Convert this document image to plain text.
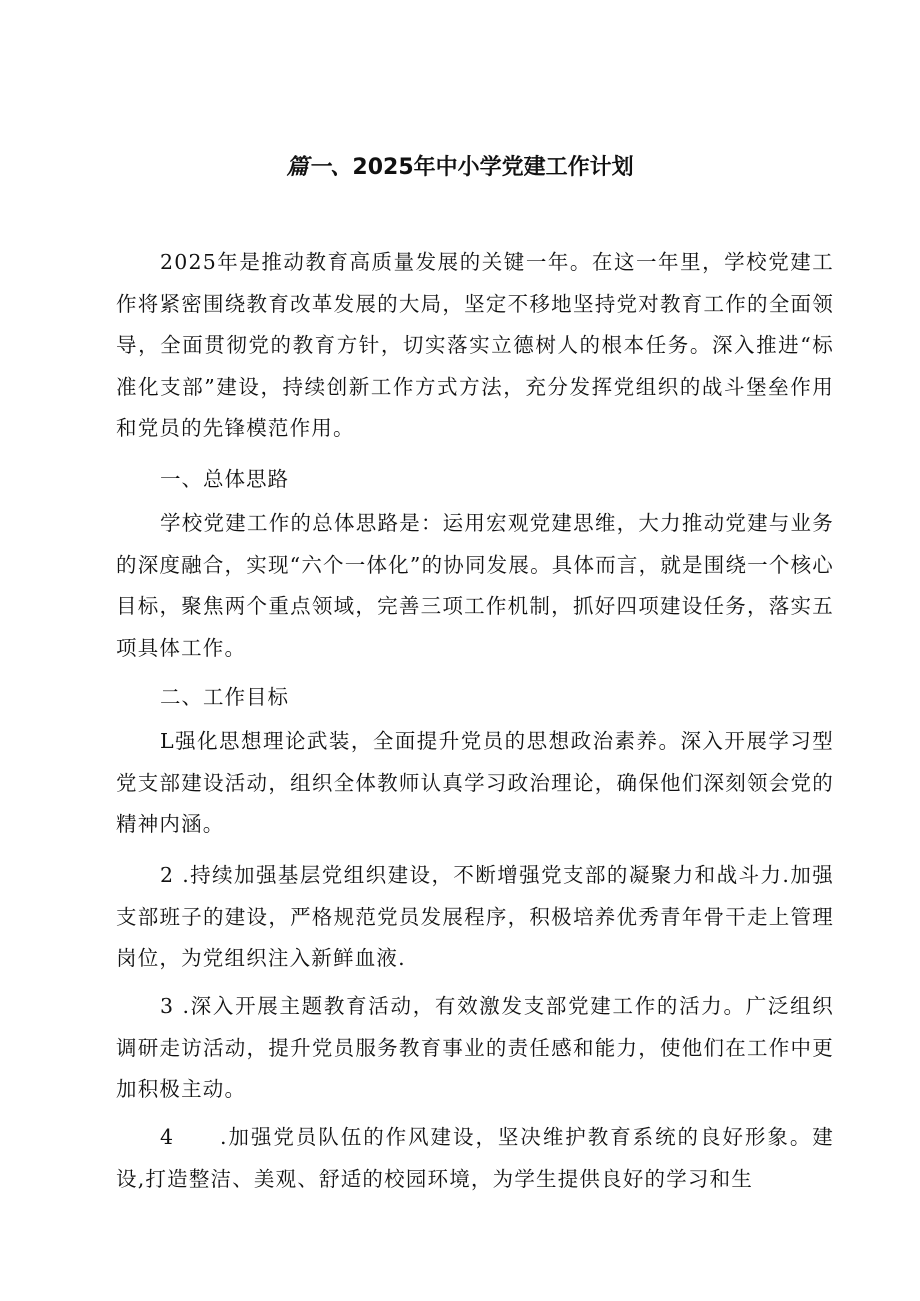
篇一、2025年中小学党建工作计划

2025年是推动教育高质量发展的关键一年。在这一年里，学校党建工作将紧密围绕教育改革发展的大局，坚定不移地坚持党对教育工作的全面领导，全面贯彻党的教育方针，切实落实立德树人的根本任务。深入推进“标准化支部”建设，持续创新工作方式方法，充分发挥党组织的战斗堡垒作用和党员的先锋模范作用。

一、总体思路

学校党建工作的总体思路是：运用宏观党建思维，大力推动党建与业务的深度融合，实现“六个一体化”的协同发展。具体而言，就是围绕一个核心目标，聚焦两个重点领域，完善三项工作机制，抓好四项建设任务，落实五项具体工作。

二、工作目标

L强化思想理论武装，全面提升党员的思想政治素养。深入开展学习型党支部建设活动，组织全体教师认真学习政治理论，确保他们深刻领会党的精神内涵。

2 .持续加强基层党组织建设，不断增强党支部的凝聚力和战斗力.加强支部班子的建设，严格规范党员发展程序，积极培养优秀青年骨干走上管理岗位，为党组织注入新鲜血液.

3 .深入开展主题教育活动，有效激发支部党建工作的活力。广泛组织调研走访活动，提升党员服务教育事业的责任感和能力，使他们在工作中更加积极主动。

4 .加强党员队伍的作风建设，坚决维护教育系统的良好形象。建设,打造整洁、美观、舒适的校园环境，为学生提供良好的学习和生
